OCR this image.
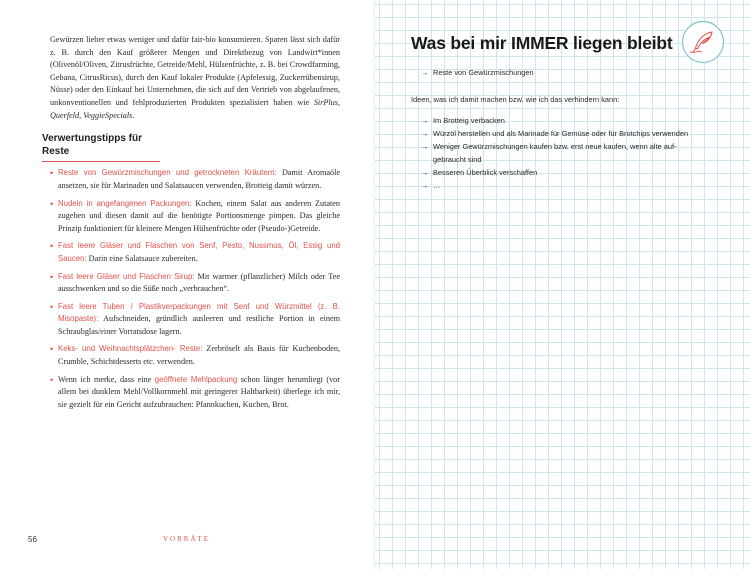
Gewürzen lieber etwas weniger und dafür fair-bio konsumieren. Sparen lässt sich dafür z. B. durch den Kauf größerer Mengen und Direktbezug von Landwirt*innen (Olivenöl/Oliven, Zitrusfrüchte, Getreide/Mehl, Hülsenfrüchte, z. B. bei Crowdfarming, Gebana, CitrusRicus), durch den Kauf lokaler Produkte (Apfelessig, Zuckerrübensirup, Nüsse) oder den Einkauf bei Unternehmen, die sich auf den Vertrieb von abgelaufenen, unkonventionellen und fehlproduzierten Produkten spezialisiert haben wie SirPlus, Querfeld, VeggieSpecials.

Verwertungstipps für Reste
• Reste von Gewürzmischungen und getrockneten Kräutern: Damit Aromaöle ansetzen, sie für Marinaden und Salatsaucen verwenden, Brotteig damit würzen.
• Nudeln in angefangenen Packungen: Kochen, einem Salat aus anderen Zutaten zugeben und diesen damit auf die benötigte Portionsmenge pimpen. Das gleiche Prinzip funktioniert für kleinere Mengen Hülsenfrüchte oder (Pseudo-)Getreide.
• Fast leere Gläser und Flaschen von Senf, Pesto, Nussmus, Öl, Essig und Saucen: Darin eine Salatsauce zubereiten.
• Fast leere Gläser und Flaschen Sirup: Mit warmer (pflanzlicher) Milch oder Tee ausschwenken und so die Süße noch „verbrauchen“.
• Fast leere Tuben / Plastikverpackungen mit Senf und Würzmittel (z. B. Misopaste): Aufschneiden, gründlich ausleeren und restliche Portion in einem Schraubglas/einer Vorratsdose lagern.
• Keks- und Weihnachtsplätzchen- Reste: Zerbröselt als Basis für Kuchenboden, Crumble, Schichtdesserts etc. verwenden.
• Wenn ich merke, dass eine geöffnete Mehlpackung schon länger herumliegt (vor allem bei dunklem Mehl/Vollkornmehl mit geringerer Haltbarkeit) überlege ich mir, sie gezielt für ein Gericht aufzubrauchen: Pfannkuchen, Kuchen, Brot.
56	VORRÄTE
Was bei mir IMMER liegen bleibt
→ Reste von Gewürzmischungen
Ideen, was ich damit machen bzw. wie ich das verhindern kann:
→ Im Brotteig verbacken
→ Würzöl herstellen und als Marinade für Gemüse oder für Brotchips verwenden
→ Weniger Gewürzmischungen kaufen bzw. erst neue kaufen, wenn alte auf-
gebraucht sind
→ Besseren Überblick verschaffen
→ …
